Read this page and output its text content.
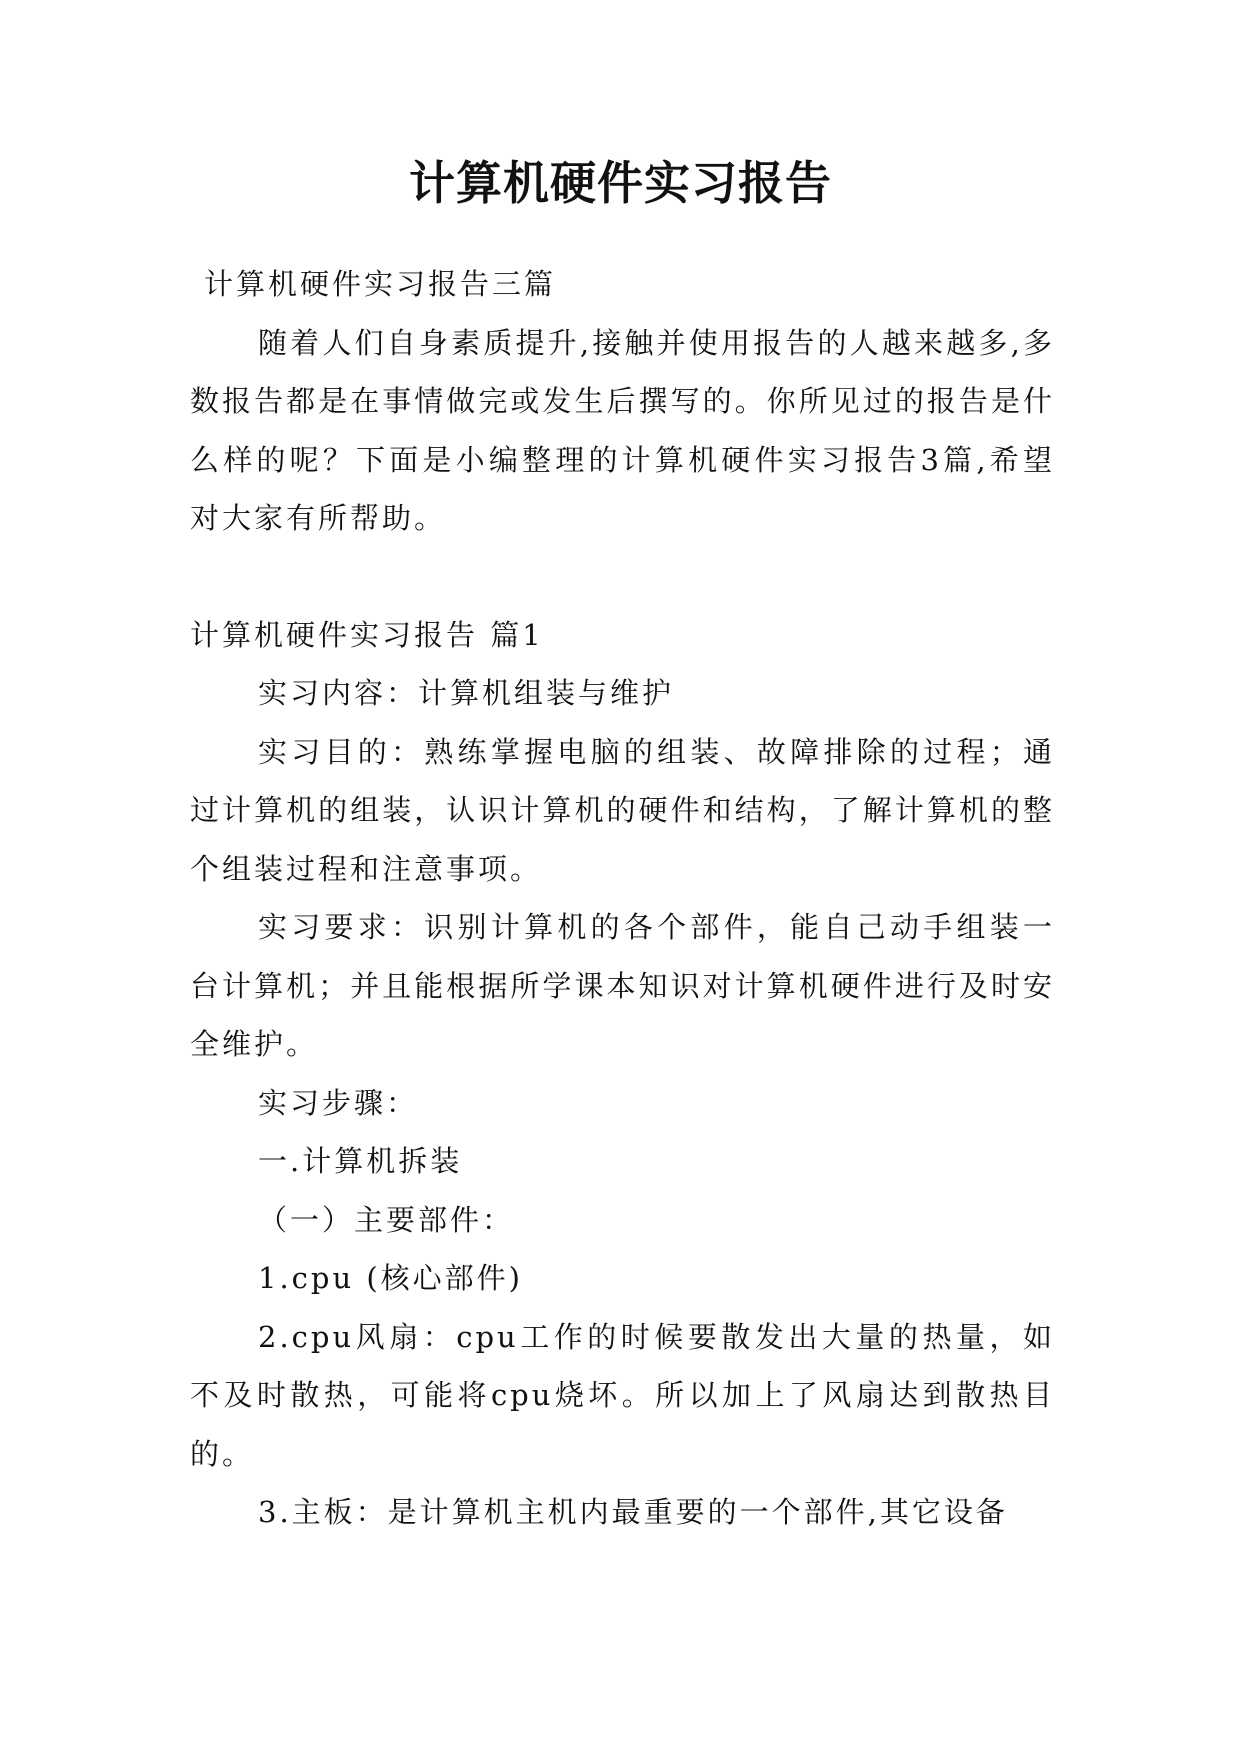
计算机硬件实习报告

计算机硬件实习报告三篇

随着人们自身素质提升,接触并使用报告的人越来越多,多数报告都是在事情做完或发生后撰写的。你所见过的报告是什么样的呢？下面是小编整理的计算机硬件实习报告3篇,希望对大家有所帮助。

计算机硬件实习报告 篇1

实习内容：计算机组装与维护

实习目的：熟练掌握电脑的组装、故障排除的过程；通过计算机的组装，认识计算机的硬件和结构，了解计算机的整个组装过程和注意事项。

实习要求：识别计算机的各个部件，能自己动手组装一台计算机；并且能根据所学课本知识对计算机硬件进行及时安全维护。

实习步骤：

一.计算机拆装

（一）主要部件：

1.cpu (核心部件)

2.cpu风扇：cpu工作的时候要散发出大量的热量，如不及时散热，可能将cpu烧坏。所以加上了风扇达到散热目的。

3.主板：是计算机主机内最重要的一个部件,其它设备
